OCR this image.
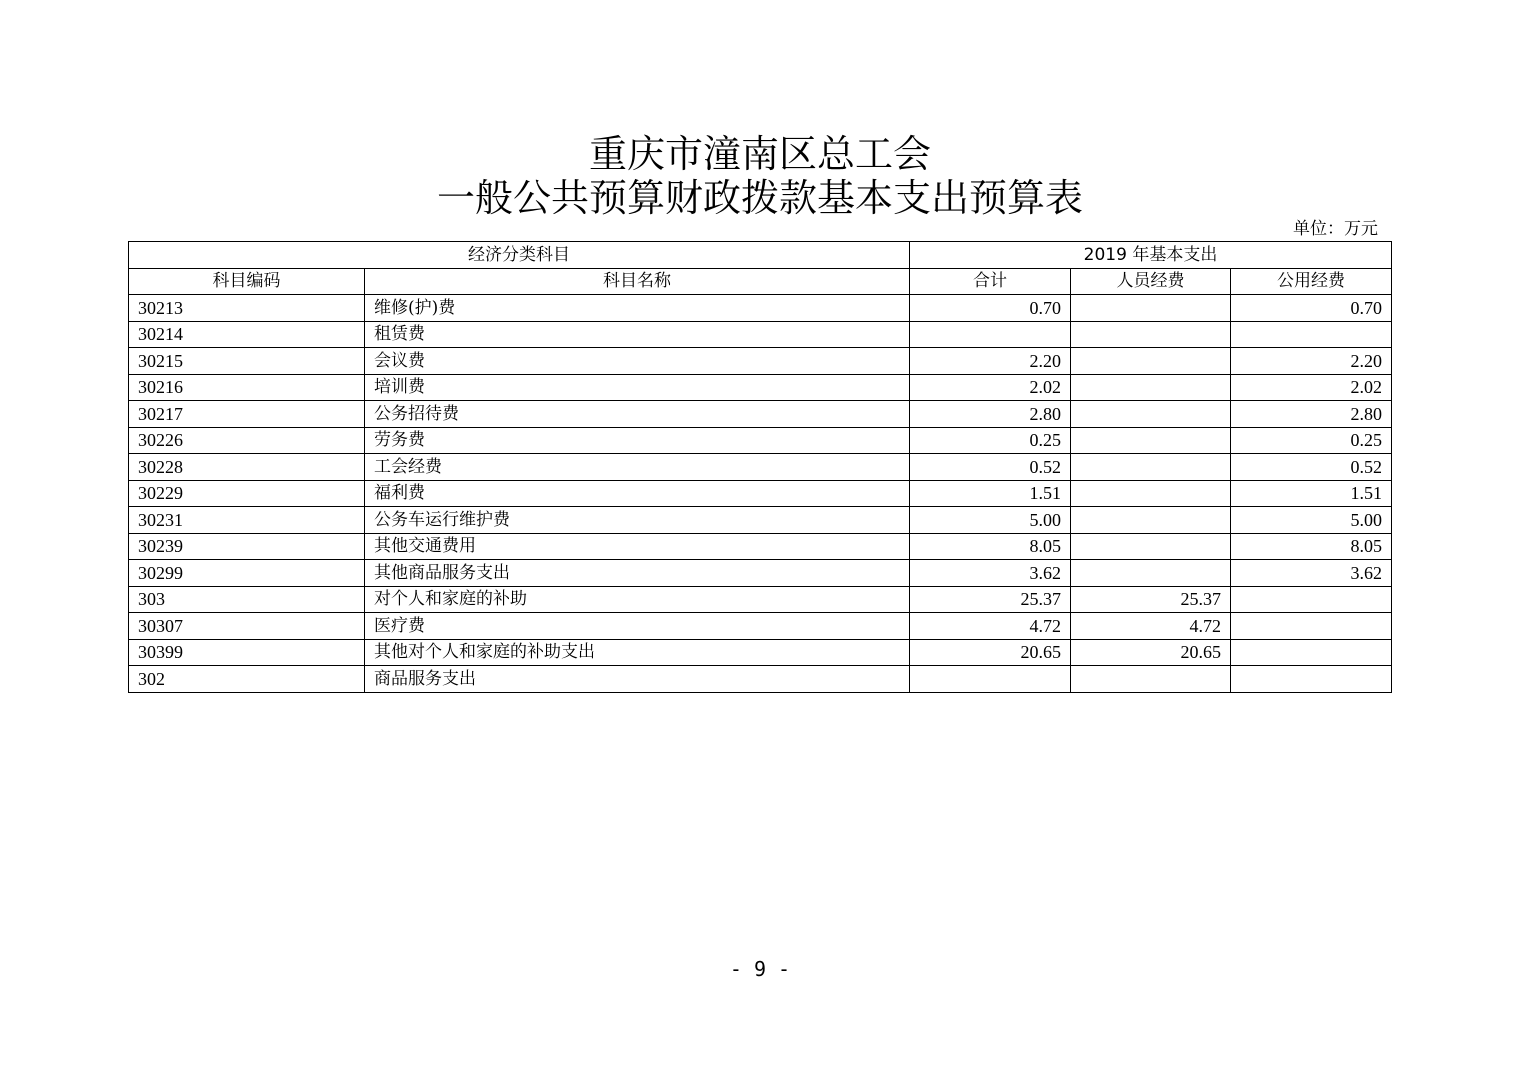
重庆市潼南区总工会
一般公共预算财政拨款基本支出预算表
单位：万元
经济分类科目		2019 年基本支出		
科目编码	科目名称	合计	人员经费	公用经费
30213	维修(护)费	0.70		0.70
30214	租赁费			
30215	会议费	2.20		2.20
30216	培训费	2.02		2.02
30217	公务招待费	2.80		2.80
30226	劳务费	0.25		0.25
30228	工会经费	0.52		0.52
30229	福利费	1.51		1.51
30231	公务车运行维护费	5.00		5.00
30239	其他交通费用	8.05		8.05
30299	其他商品服务支出	3.62		3.62
303	对个人和家庭的补助	25.37	25.37	
30307	医疗费	4.72	4.72	
30399	其他对个人和家庭的补助支出	20.65	20.65	
302	商品服务支出			
- 9 -
